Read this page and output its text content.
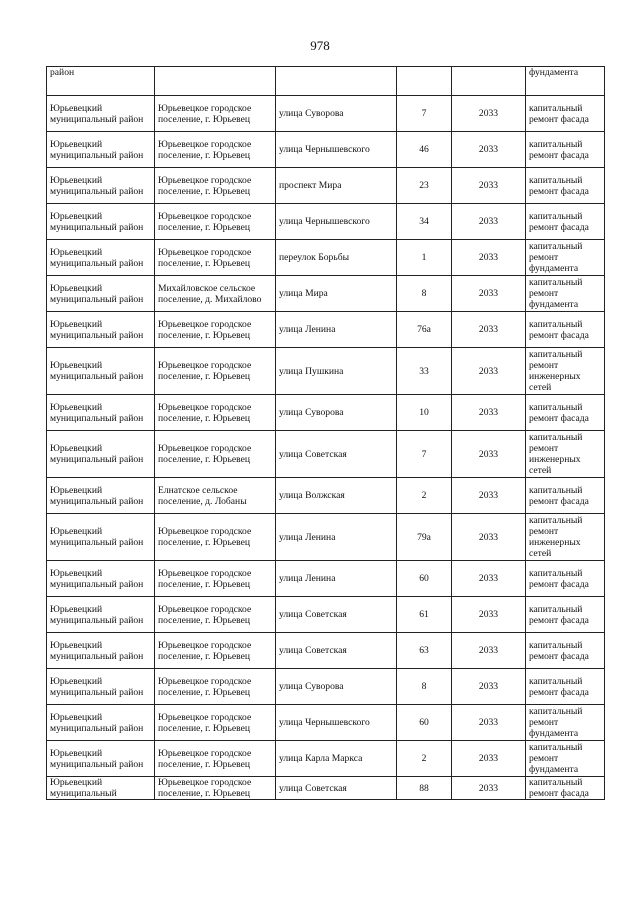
978
район					фундамента
Юрьевецкий муниципальный район	Юрьевецкое городское поселение, г. Юрьевец	улица Суворова	7	2033	капитальный ремонт фасада
Юрьевецкий муниципальный район	Юрьевецкое городское поселение, г. Юрьевец	улица Чернышевского	46	2033	капитальный ремонт фасада
Юрьевецкий муниципальный район	Юрьевецкое городское поселение, г. Юрьевец	проспект Мира	23	2033	капитальный ремонт фасада
Юрьевецкий муниципальный район	Юрьевецкое городское поселение, г. Юрьевец	улица Чернышевского	34	2033	капитальный ремонт фасада
Юрьевецкий муниципальный район	Юрьевецкое городское поселение, г. Юрьевец	переулок Борьбы	1	2033	капитальный ремонт фундамента
Юрьевецкий муниципальный район	Михайловское сельское поселение, д. Михайлово	улица Мира	8	2033	капитальный ремонт фундамента
Юрьевецкий муниципальный район	Юрьевецкое городское поселение, г. Юрьевец	улица Ленина	76а	2033	капитальный ремонт фасада
Юрьевецкий муниципальный район	Юрьевецкое городское поселение, г. Юрьевец	улица Пушкина	33	2033	капитальный ремонт инженерных сетей
Юрьевецкий муниципальный район	Юрьевецкое городское поселение, г. Юрьевец	улица Суворова	10	2033	капитальный ремонт фасада
Юрьевецкий муниципальный район	Юрьевецкое городское поселение, г. Юрьевец	улица Советская	7	2033	капитальный ремонт инженерных сетей
Юрьевецкий муниципальный район	Елнатское сельское поселение, д. Лобаны	улица Волжская	2	2033	капитальный ремонт фасада
Юрьевецкий муниципальный район	Юрьевецкое городское поселение, г. Юрьевец	улица Ленина	79а	2033	капитальный ремонт инженерных сетей
Юрьевецкий муниципальный район	Юрьевецкое городское поселение, г. Юрьевец	улица Ленина	60	2033	капитальный ремонт фасада
Юрьевецкий муниципальный район	Юрьевецкое городское поселение, г. Юрьевец	улица Советская	61	2033	капитальный ремонт фасада
Юрьевецкий муниципальный район	Юрьевецкое городское поселение, г. Юрьевец	улица Советская	63	2033	капитальный ремонт фасада
Юрьевецкий муниципальный район	Юрьевецкое городское поселение, г. Юрьевец	улица Суворова	8	2033	капитальный ремонт фасада
Юрьевецкий муниципальный район	Юрьевецкое городское поселение, г. Юрьевец	улица Чернышевского	60	2033	капитальный ремонт фундамента
Юрьевецкий муниципальный район	Юрьевецкое городское поселение, г. Юрьевец	улица Карла Маркса	2	2033	капитальный ремонт фундамента
Юрьевецкий муниципальный	Юрьевецкое городское поселение, г. Юрьевец	улица Советская	88	2033	капитальный ремонт фасада
